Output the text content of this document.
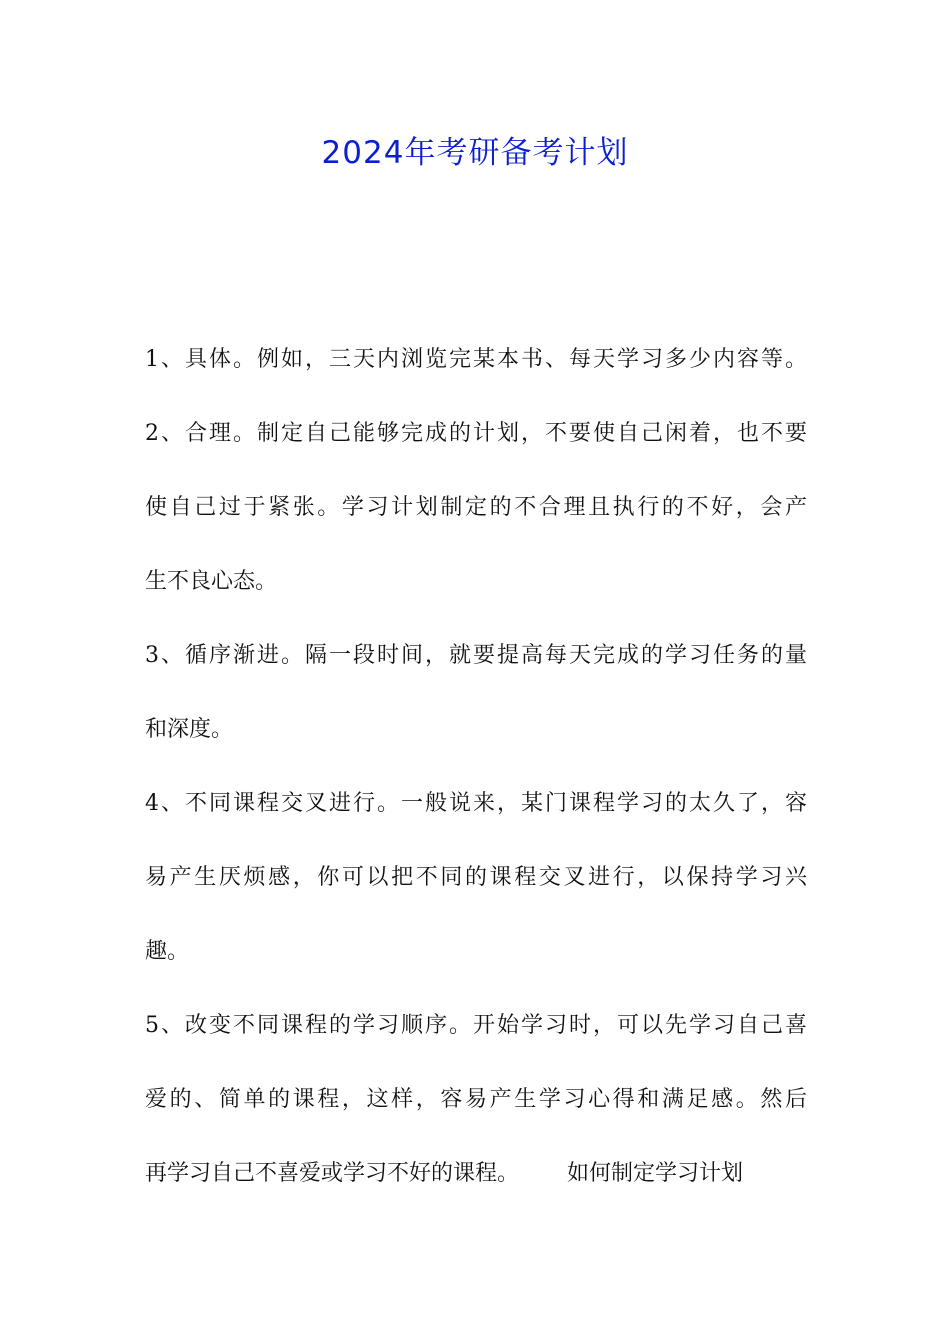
2024年考研备考计划
1、具体。例如，三天内浏览完某本书、每天学习多少内容等。
2、合理。制定自己能够完成的计划，不要使自己闲着，也不要
使自己过于紧张。学习计划制定的不合理且执行的不好，会产
生不良心态。
3、循序渐进。隔一段时间，就要提高每天完成的学习任务的量
和深度。
4、不同课程交叉进行。一般说来，某门课程学习的太久了，容
易产生厌烦感，你可以把不同的课程交叉进行，以保持学习兴
趣。
5、改变不同课程的学习顺序。开始学习时，可以先学习自己喜
爱的、简单的课程，这样，容易产生学习心得和满足感。然后
再学习自己不喜爱或学习不好的课程。 如何制定学习计划
